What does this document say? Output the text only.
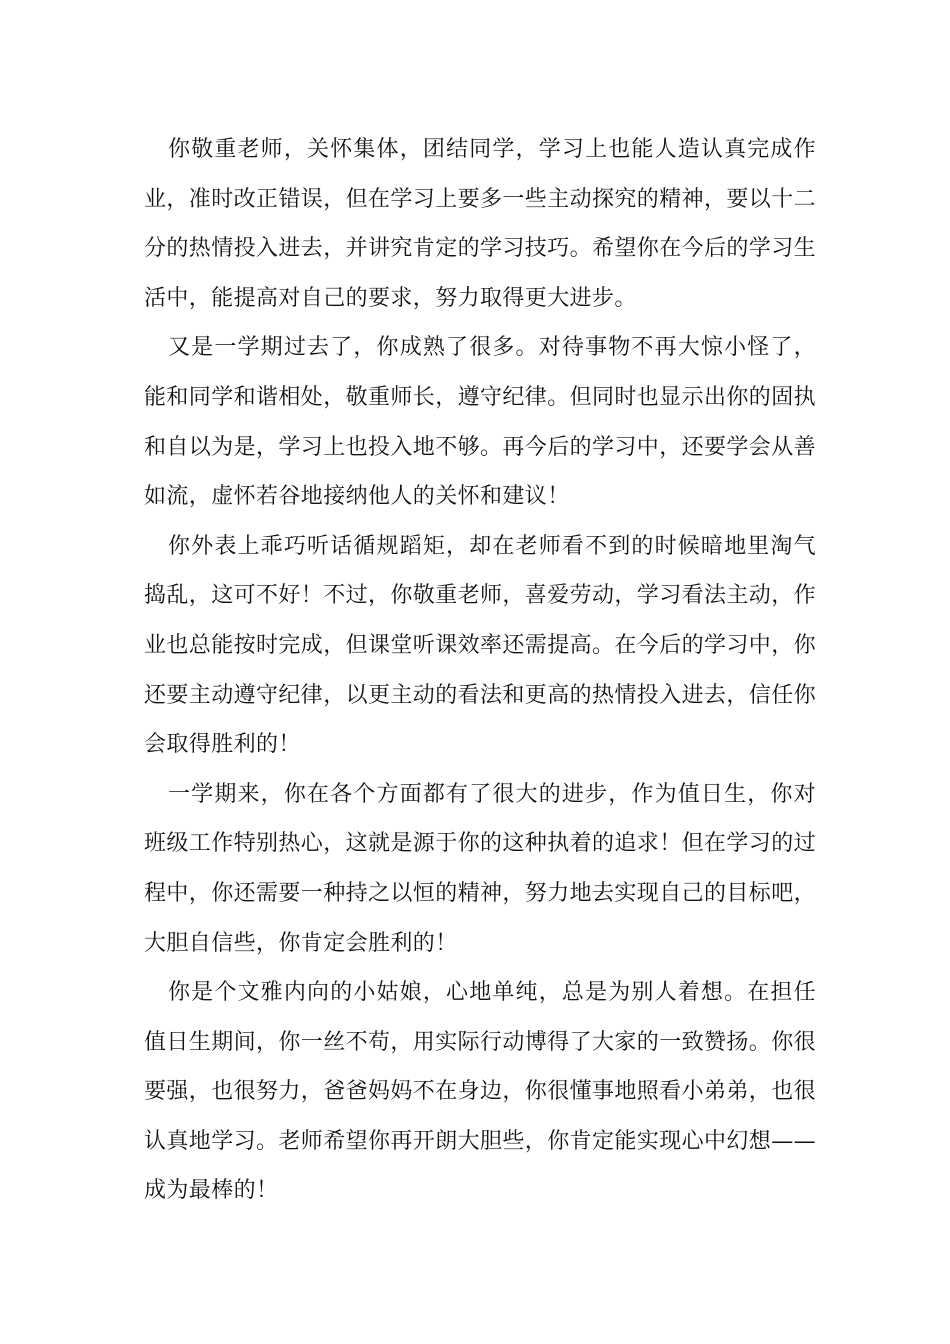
你敬重老师，关怀集体，团结同学，学习上也能人造认真完成作业，准时改正错误，但在学习上要多一些主动探究的精神，要以十二分的热情投入进去，并讲究肯定的学习技巧。希望你在今后的学习生活中，能提高对自己的要求，努力取得更大进步。

又是一学期过去了，你成熟了很多。对待事物不再大惊小怪了，能和同学和谐相处，敬重师长，遵守纪律。但同时也显示出你的固执和自以为是，学习上也投入地不够。再今后的学习中，还要学会从善如流，虚怀若谷地接纳他人的关怀和建议！

你外表上乖巧听话循规蹈矩，却在老师看不到的时候暗地里淘气捣乱，这可不好！不过，你敬重老师，喜爱劳动，学习看法主动，作业也总能按时完成，但课堂听课效率还需提高。在今后的学习中，你还要主动遵守纪律，以更主动的看法和更高的热情投入进去，信任你会取得胜利的！

一学期来，你在各个方面都有了很大的进步，作为值日生，你对班级工作特别热心，这就是源于你的这种执着的追求！但在学习的过程中，你还需要一种持之以恒的精神，努力地去实现自己的目标吧，大胆自信些，你肯定会胜利的！

你是个文雅内向的小姑娘，心地单纯，总是为别人着想。在担任值日生期间，你一丝不苟，用实际行动博得了大家的一致赞扬。你很要强，也很努力，爸爸妈妈不在身边，你很懂事地照看小弟弟，也很认真地学习。老师希望你再开朗大胆些，你肯定能实现心中幻想——成为最棒的！
